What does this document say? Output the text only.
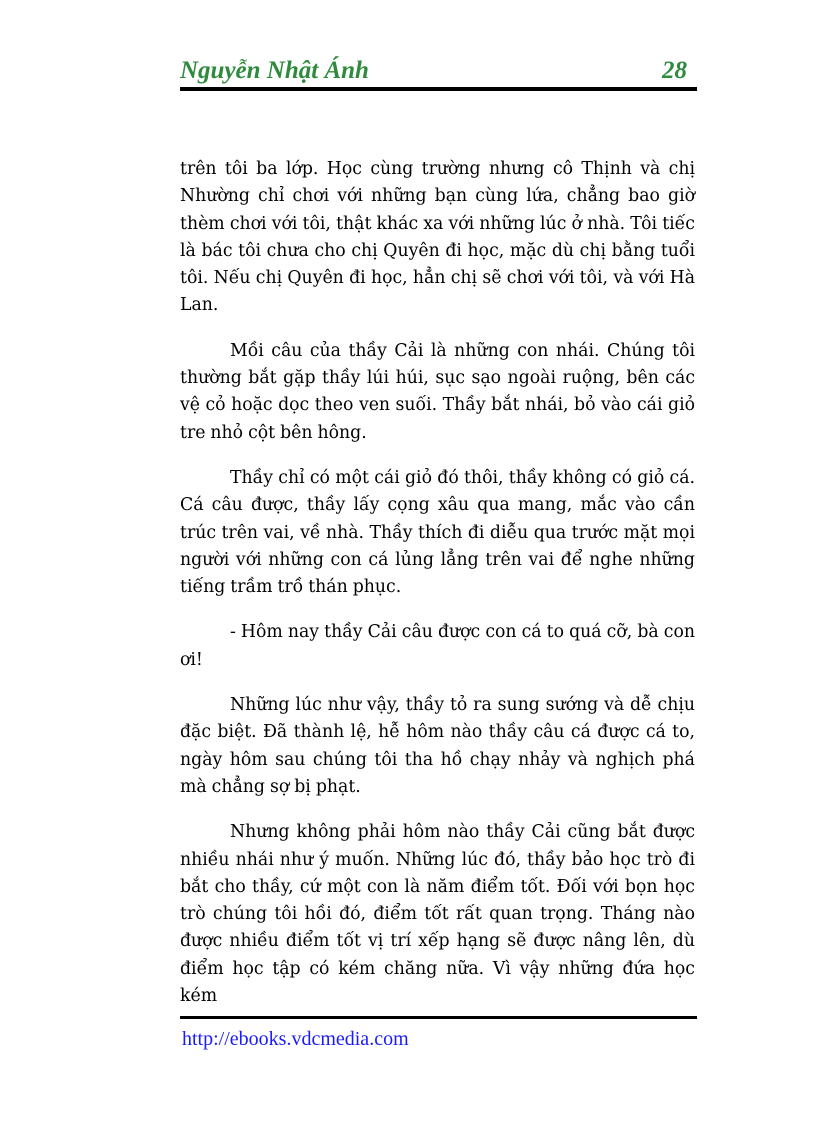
Nguyễn Nhật Ánh	28

trên tôi ba lớp. Học cùng trường nhưng cô Thịnh và chị Nhường chỉ chơi với những bạn cùng lứa, chẳng bao giờ thèm chơi với tôi, thật khác xa với những lúc ở nhà. Tôi tiếc là bác tôi chưa cho chị Quyên đi học, mặc dù chị bằng tuổi tôi. Nếu chị Quyên đi học, hẳn chị sẽ chơi với tôi, và với Hà Lan.

Mồi câu của thầy Cải là những con nhái. Chúng tôi thường bắt gặp thầy lúi húi, sục sạo ngoài ruộng, bên các vệ cỏ hoặc dọc theo ven suối. Thầy bắt nhái, bỏ vào cái giỏ tre nhỏ cột bên hông.

Thầy chỉ có một cái giỏ đó thôi, thầy không có giỏ cá. Cá câu được, thầy lấy cọng xâu qua mang, mắc vào cần trúc trên vai, về nhà. Thầy thích đi diễu qua trước mặt mọi người với những con cá lủng lẳng trên vai để nghe những tiếng trầm trồ thán phục.

- Hôm nay thầy Cải câu được con cá to quá cỡ, bà con ơi!

Những lúc như vậy, thầy tỏ ra sung sướng và dễ chịu đặc biệt. Đã thành lệ, hễ hôm nào thầy câu cá được cá to, ngày hôm sau chúng tôi tha hồ chạy nhảy và nghịch phá mà chẳng sợ bị phạt.

Nhưng không phải hôm nào thầy Cải cũng bắt được nhiều nhái như ý muốn. Những lúc đó, thầy bảo học trò đi bắt cho thầy, cứ một con là năm điểm tốt. Đối với bọn học trò chúng tôi hồi đó, điểm tốt rất quan trọng. Tháng nào được nhiều điểm tốt vị trí xếp hạng sẽ được nâng lên, dù điểm học tập có kém chăng nữa. Vì vậy những đứa học kém

http://ebooks.vdcmedia.com
